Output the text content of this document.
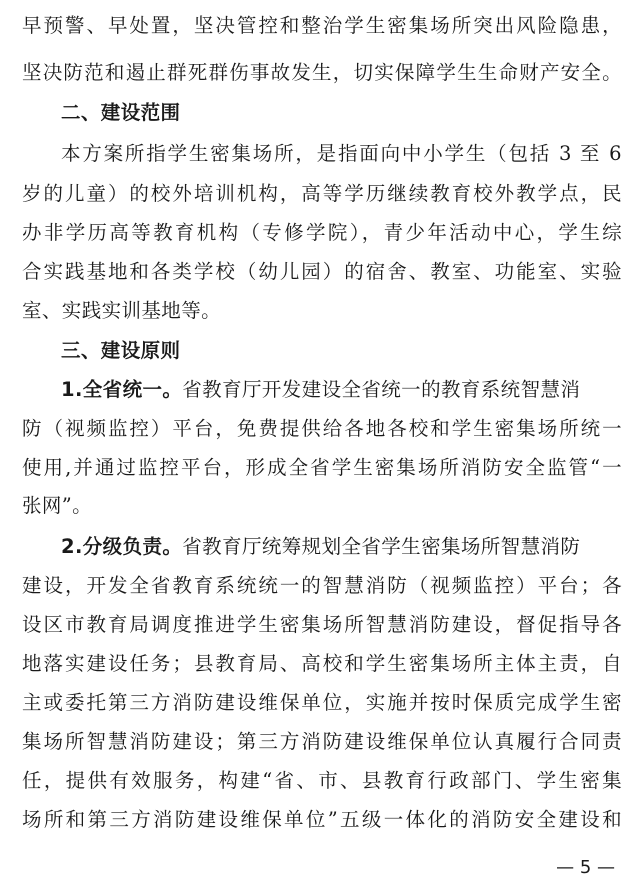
早预警、早处置，坚决管控和整治学生密集场所突出风险隐患，
坚决防范和遏止群死群伤事故发生，切实保障学生生命财产安全。
二、建设范围
本方案所指学生密集场所，是指面向中小学生（包括 3 至 6
岁的儿童）的校外培训机构，高等学历继续教育校外教学点，民
办非学历高等教育机构（专修学院），青少年活动中心，学生综
合实践基地和各类学校（幼儿园）的宿舍、教室、功能室、实验
室、实践实训基地等。
三、建设原则
1.全省统一。省教育厅开发建设全省统一的教育系统智慧消
防（视频监控）平台，免费提供给各地各校和学生密集场所统一
使用,并通过监控平台，形成全省学生密集场所消防安全监管“一
张网”。
2.分级负责。省教育厅统筹规划全省学生密集场所智慧消防
建设，开发全省教育系统统一的智慧消防（视频监控）平台；各
设区市教育局调度推进学生密集场所智慧消防建设，督促指导各
地落实建设任务；县教育局、高校和学生密集场所主体主责，自
主或委托第三方消防建设维保单位，实施并按时保质完成学生密
集场所智慧消防建设；第三方消防建设维保单位认真履行合同责
任，提供有效服务，构建“省、市、县教育行政部门、学生密集
场所和第三方消防建设维保单位”五级一体化的消防安全建设和
— 5 —
